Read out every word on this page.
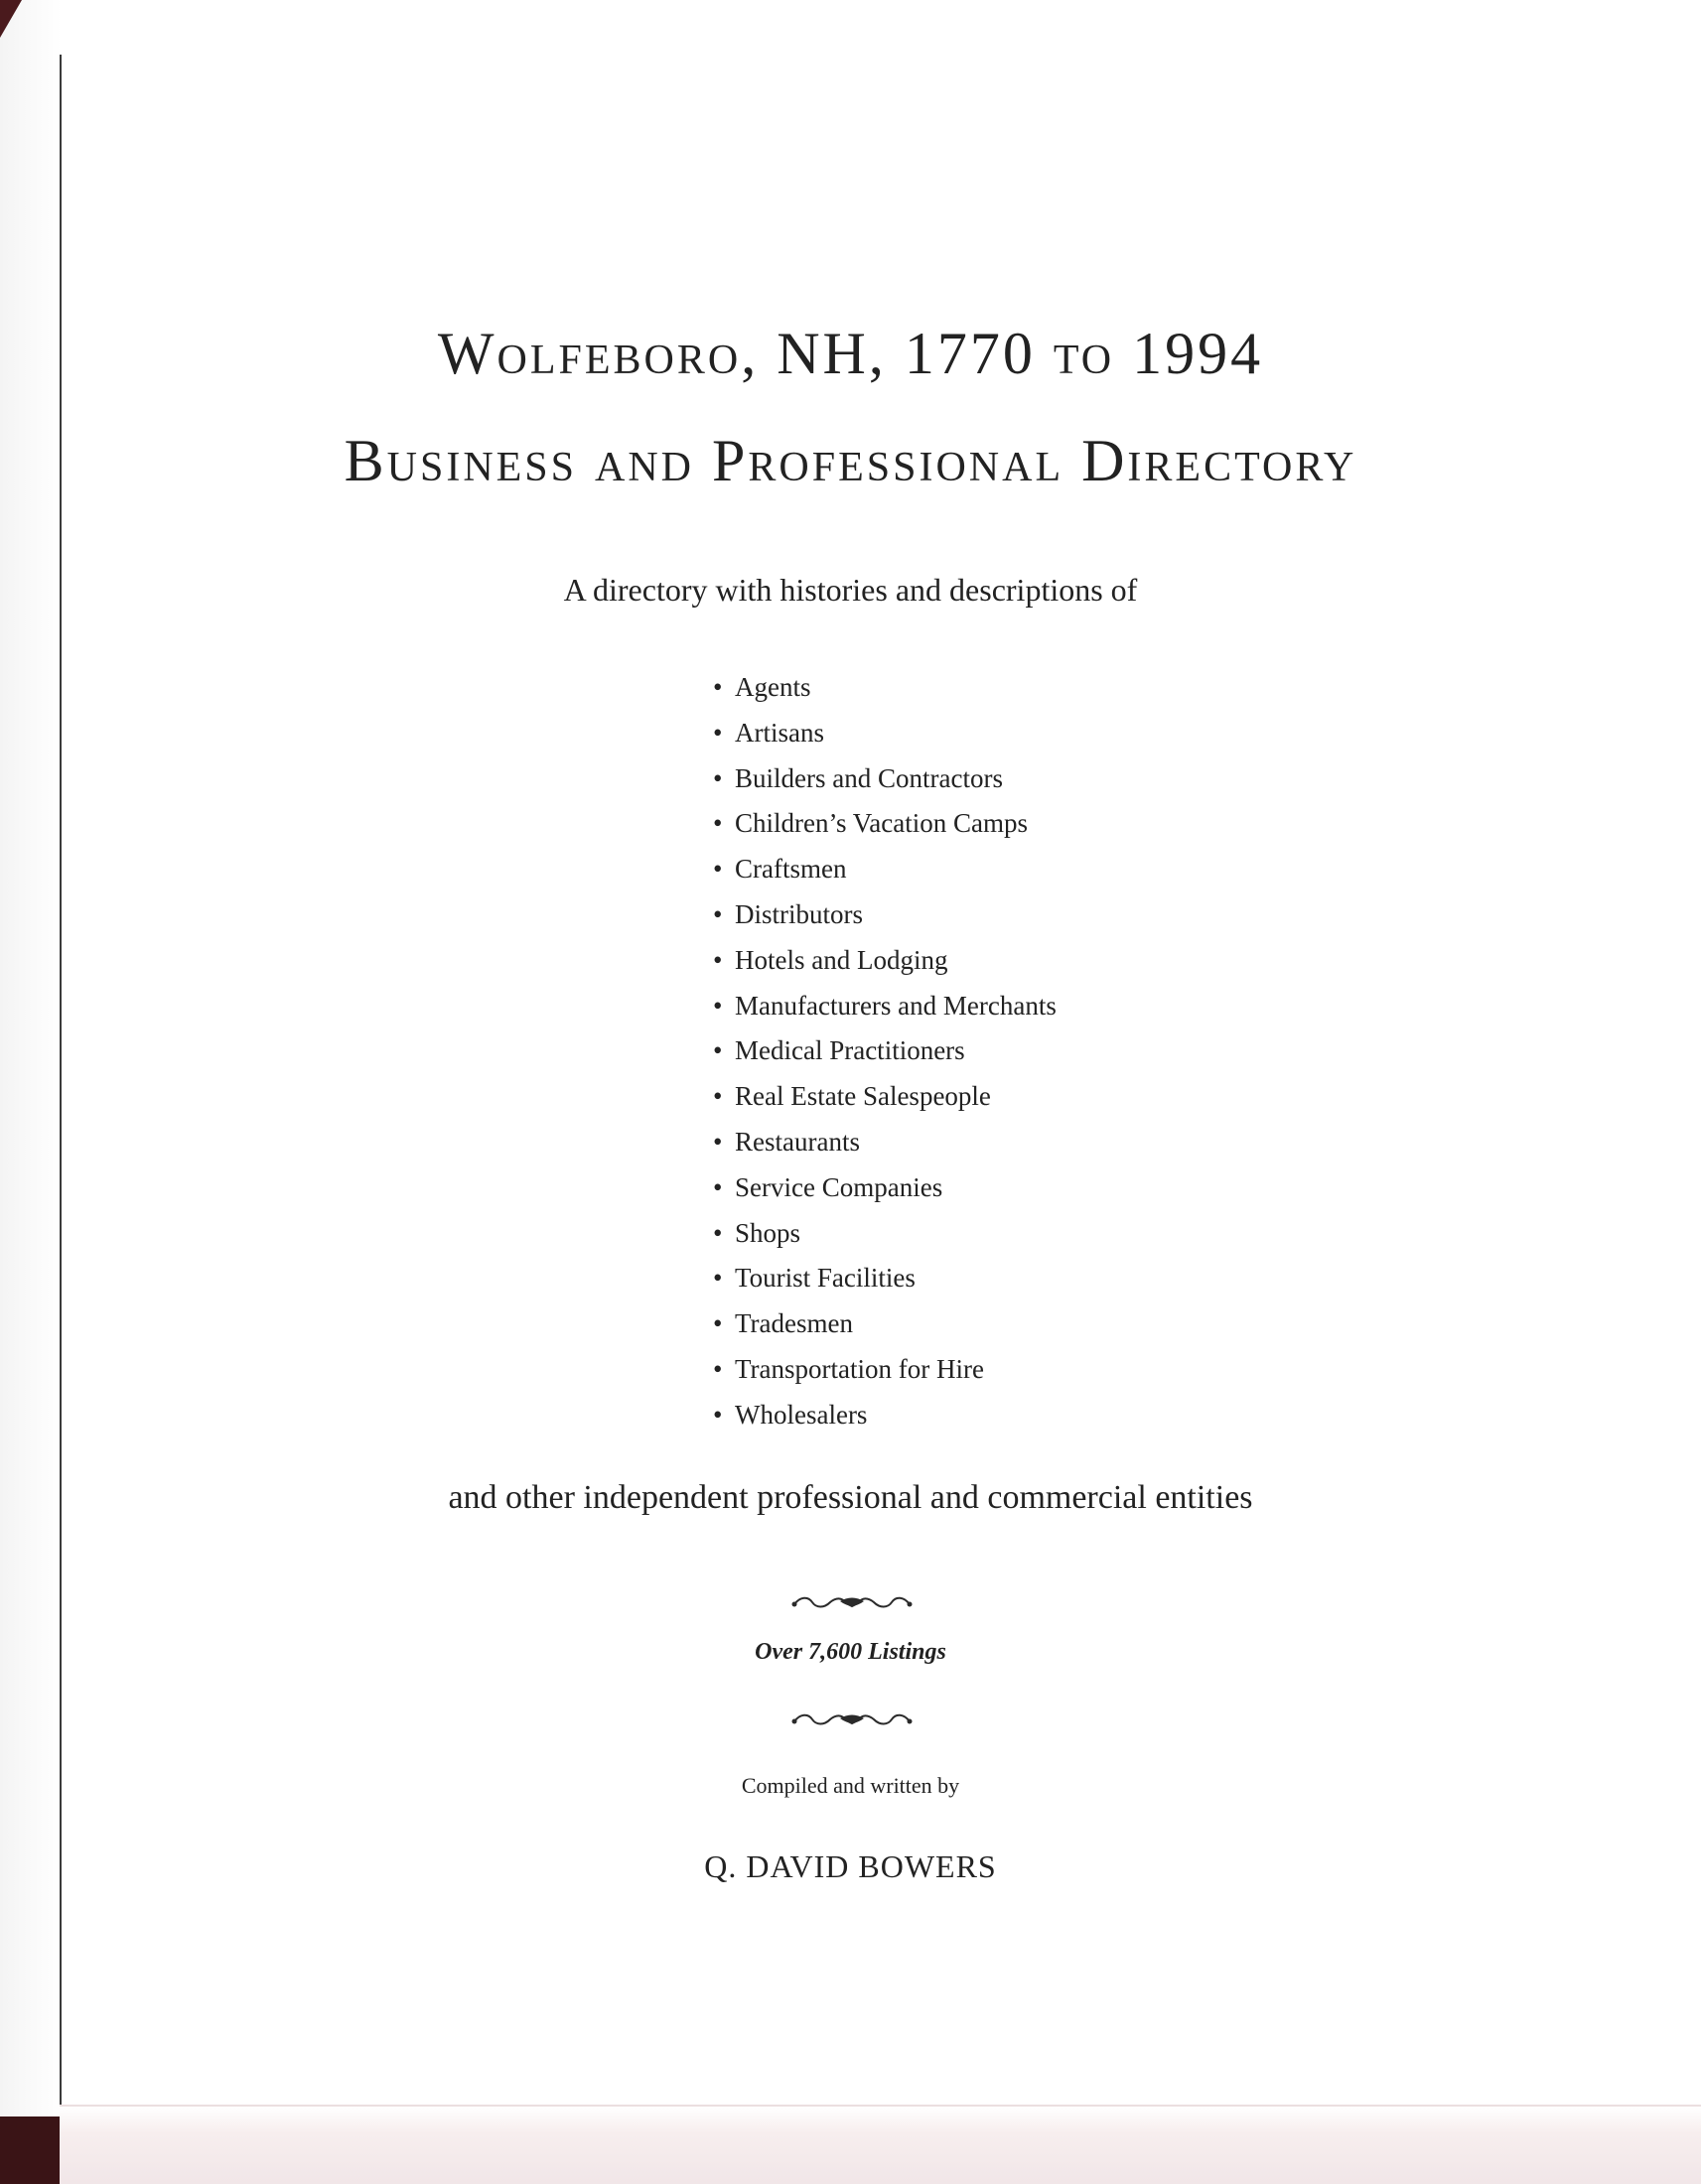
Wolfeboro, NH, 1770 to 1994
Business and Professional Directory

A directory with histories and descriptions of

• Agents
• Artisans
• Builders and Contractors
• Children’s Vacation Camps
• Craftsmen
• Distributors
• Hotels and Lodging
• Manufacturers and Merchants
• Medical Practitioners
• Real Estate Salespeople
• Restaurants
• Service Companies
• Shops
• Tourist Facilities
• Tradesmen
• Transportation for Hire
• Wholesalers

and other independent professional and commercial entities

Over 7,600 Listings

Compiled and written by

Q. DAVID BOWERS
